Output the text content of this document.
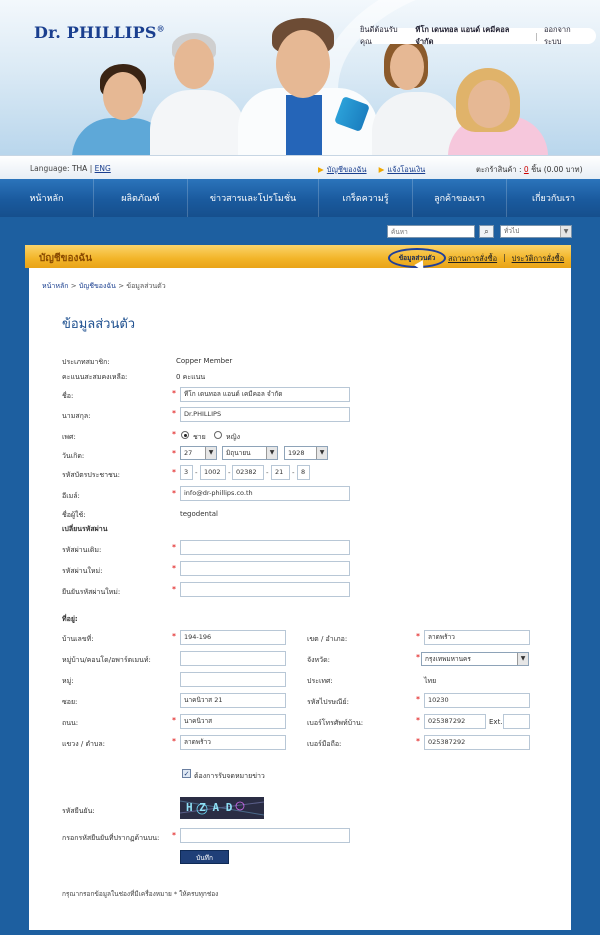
Dr. PHILLIPS®	ยินดีต้อนรับคุณ
ทีโก เดนทอล แอนด์ เคมีคอล จำกัด
|
ออกจากระบบ
Language: THA | ENG	▶ บัญชีของฉัน ▶ แจ้งโอนเงิน	ตะกร้าสินค้า : 0 ชิ้น (0.00 บาท)
หน้าหลัก	ผลิตภัณฑ์	ข่าวสารและโปรโมชั่น	เกร็ดความรู้	ลูกค้าของเรา	เกี่ยวกับเรา
ค้นหา
⌕	ทั่วไป	▼
บัญชีของฉัน	ข้อมูลส่วนตัว	สถานการสั่งซื้อ | ประวัติการสั่งซื้อ
หน้าหลัก > บัญชีของฉัน > ข้อมูลส่วนตัว
ข้อมูลส่วนตัว
ประเภทสมาชิก:	Copper Member
คะแนนสะสมคงเหลือ:	0 คะแนน
ชื่อ:	*	ทีโก เดนทอล แอนด์ เคมีคอล จำกัด
นามสกุล:	*	Dr.PHILLIPS
เพศ:	* ชาย	หญิง
วันเกิด:	*	27	▼	มิถุนายน	▼	1928	▼
รหัสบัตรประชาชน:	*	3 - 1002	- 02382	- 21	- 8
อีเมล์:	*	info@dr-phillips.co.th
ชื่อผู้ใช้:	tegodental
เปลี่ยนรหัสผ่าน
รหัสผ่านเดิม:	*
รหัสผ่านใหม่:	*
ยืนยันรหัสผ่านใหม่:	*
ที่อยู่:
บ้านเลขที่:	*	194-196
หมู่บ้าน/คอนโด/อพาร์ตเมนท์:
หมู่:
ซอย:	นาคนิวาส 21
ถนน:	*	นาคนิวาส
แขวง / ตำบล:	*	ลาดพร้าว
เขต / อำเภอ:	*	ลาดพร้าว
จังหวัด:	* กรุงเทพมหานคร	▼
ประเทศ:	ไทย
รหัสไปรษณีย์:	*	10230
เบอร์โทรศัพท์บ้าน:	*	025387292	Ext.
เบอร์มือถือ:	*	025387292
✓ ต้องการรับจดหมายข่าว
รหัสยืนยัน:	H Z A D
กรอกรหัสยืนยันที่ปรากฏด้านบน: *
บันทึก
กรุณากรอกข้อมูลในช่องที่มีเครื่องหมาย * ให้ครบทุกช่อง
